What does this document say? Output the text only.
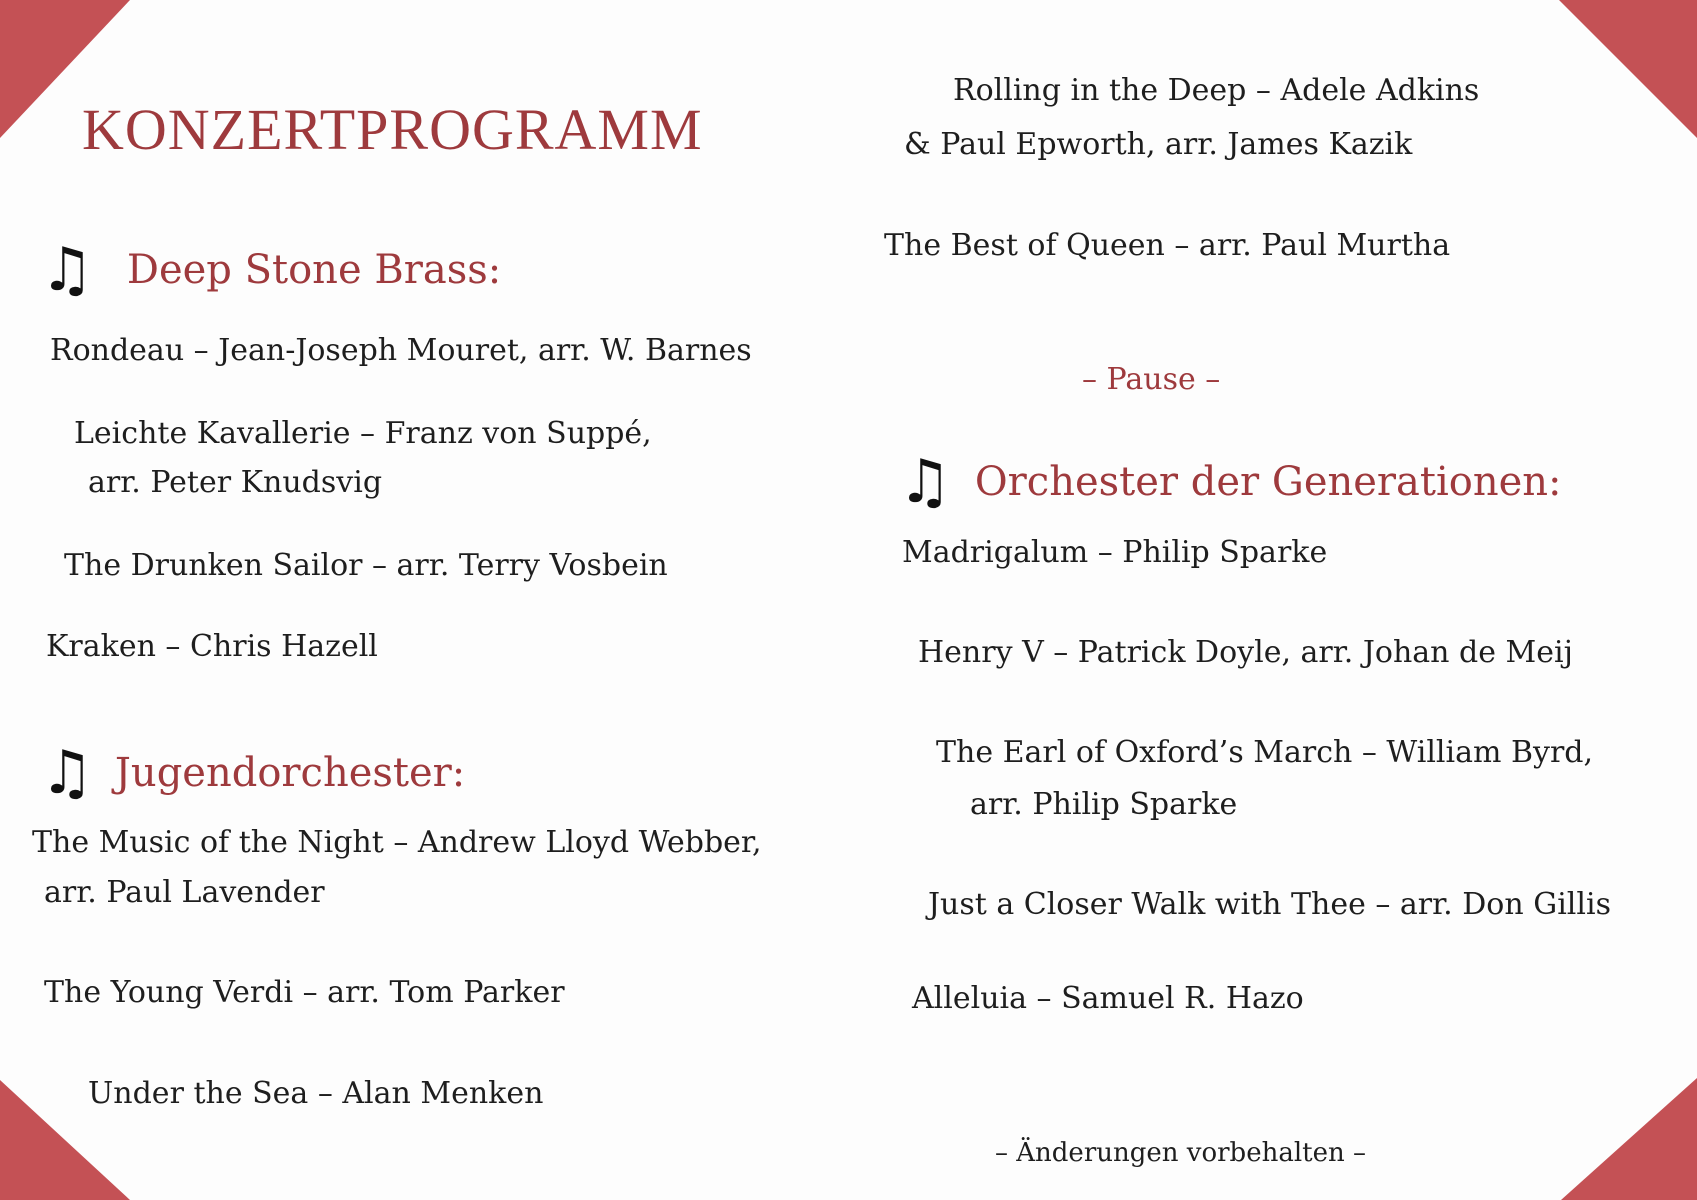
KONZERTPROGRAMM
♫ Deep Stone Brass:
Rondeau – Jean-Joseph Mouret, arr. W. Barnes
Leichte Kavallerie – Franz von Suppé,
arr. Peter Knudsvig
The Drunken Sailor – arr. Terry Vosbein
Kraken – Chris Hazell
♫ Jugendorchester:
The Music of the Night – Andrew Lloyd Webber,
arr. Paul Lavender
The Young Verdi – arr. Tom Parker
Under the Sea – Alan Menken
Rolling in the Deep – Adele Adkins
& Paul Epworth, arr. James Kazik
The Best of Queen – arr. Paul Murtha
– Pause –
♫ Orchester der Generationen:
Madrigalum – Philip Sparke
Henry V – Patrick Doyle, arr. Johan de Meij
The Earl of Oxford’s March – William Byrd,
arr. Philip Sparke
Just a Closer Walk with Thee – arr. Don Gillis
Alleluia – Samuel R. Hazo
– Änderungen vorbehalten –
